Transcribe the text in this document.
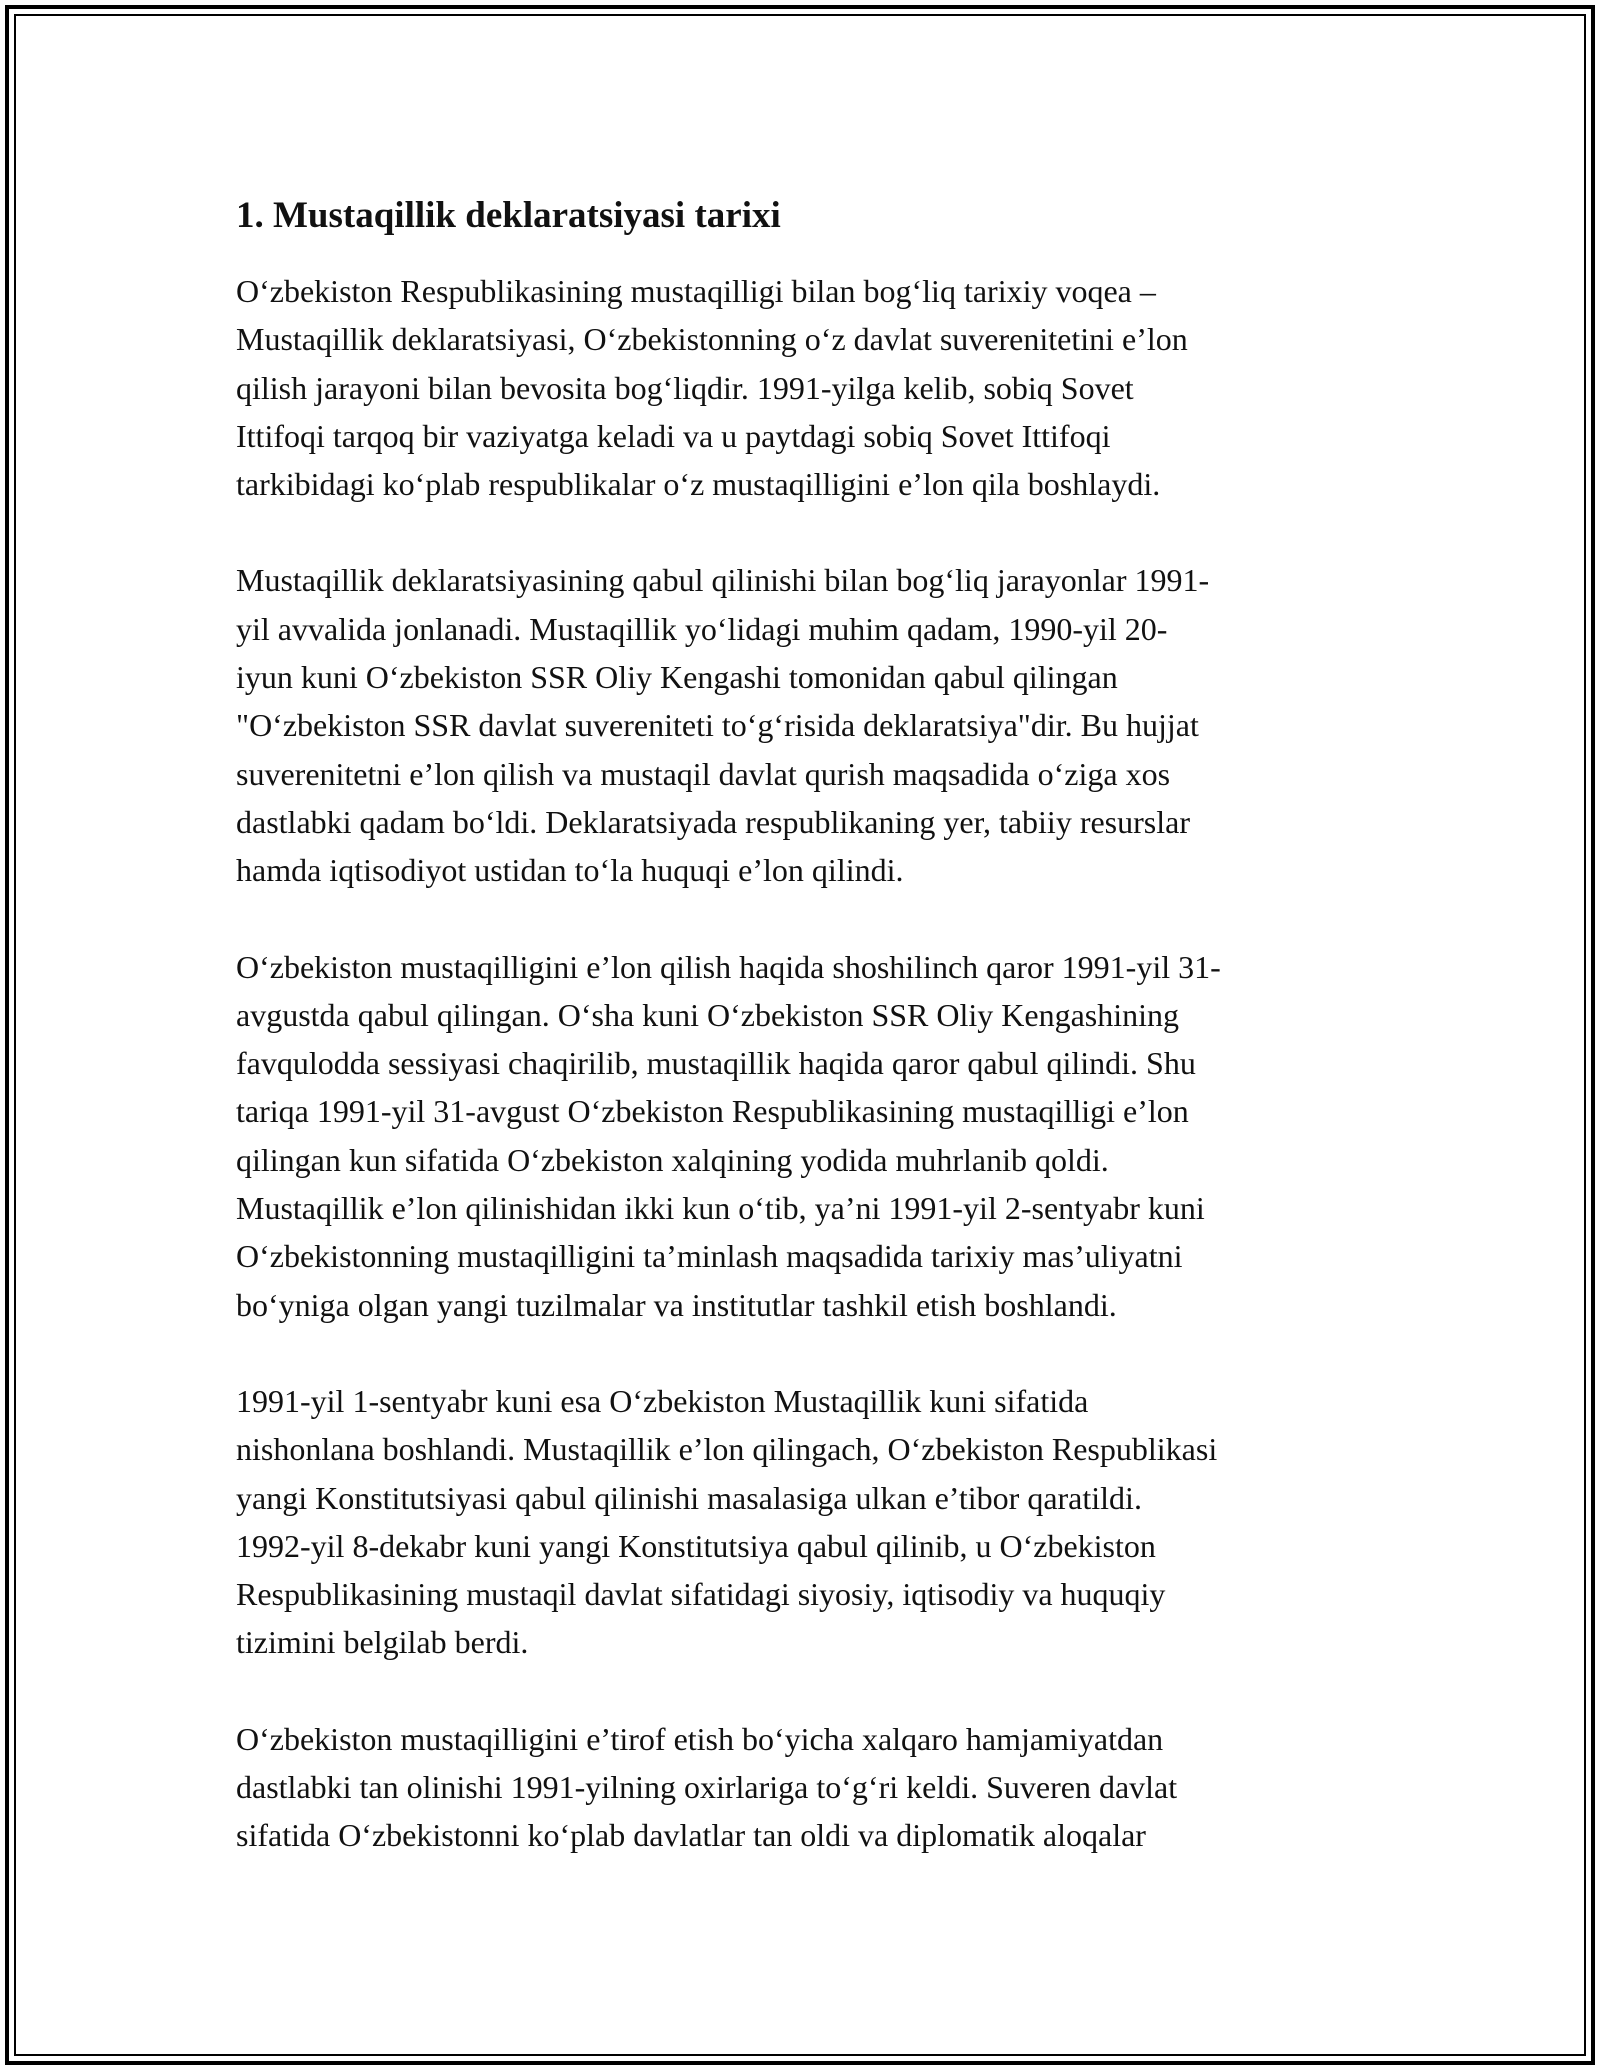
1. Mustaqillik deklaratsiyasi tarixi

Oʻzbekiston Respublikasining mustaqilligi bilan bogʻliq tarixiy voqea –
Mustaqillik deklaratsiyasi, Oʻzbekistonning oʻz davlat suverenitetini e’lon
qilish jarayoni bilan bevosita bogʻliqdir. 1991-yilga kelib, sobiq Sovet
Ittifoqi tarqoq bir vaziyatga keladi va u paytdagi sobiq Sovet Ittifoqi
tarkibidagi koʻplab respublikalar oʻz mustaqilligini e’lon qila boshlaydi.

Mustaqillik deklaratsiyasining qabul qilinishi bilan bogʻliq jarayonlar 1991-
yil avvalida jonlanadi. Mustaqillik yoʻlidagi muhim qadam, 1990-yil 20-
iyun kuni Oʻzbekiston SSR Oliy Kengashi tomonidan qabul qilingan
"Oʻzbekiston SSR davlat suvereniteti toʻgʻrisida deklaratsiya"dir. Bu hujjat
suverenitetni e’lon qilish va mustaqil davlat qurish maqsadida oʻziga xos
dastlabki qadam boʻldi. Deklaratsiyada respublikaning yer, tabiiy resurslar
hamda iqtisodiyot ustidan toʻla huquqi e’lon qilindi.

Oʻzbekiston mustaqilligini e’lon qilish haqida shoshilinch qaror 1991-yil 31-
avgustda qabul qilingan. Oʻsha kuni Oʻzbekiston SSR Oliy Kengashining
favqulodda sessiyasi chaqirilib, mustaqillik haqida qaror qabul qilindi. Shu
tariqa 1991-yil 31-avgust Oʻzbekiston Respublikasining mustaqilligi e’lon
qilingan kun sifatida Oʻzbekiston xalqining yodida muhrlanib qoldi.
Mustaqillik e’lon qilinishidan ikki kun oʻtib, ya’ni 1991-yil 2-sentyabr kuni
Oʻzbekistonning mustaqilligini ta’minlash maqsadida tarixiy mas’uliyatni
boʻyniga olgan yangi tuzilmalar va institutlar tashkil etish boshlandi.

1991-yil 1-sentyabr kuni esa Oʻzbekiston Mustaqillik kuni sifatida
nishonlana boshlandi. Mustaqillik e’lon qilingach, Oʻzbekiston Respublikasi
yangi Konstitutsiyasi qabul qilinishi masalasiga ulkan e’tibor qaratildi.
1992-yil 8-dekabr kuni yangi Konstitutsiya qabul qilinib, u Oʻzbekiston
Respublikasining mustaqil davlat sifatidagi siyosiy, iqtisodiy va huquqiy
tizimini belgilab berdi.

Oʻzbekiston mustaqilligini e’tirof etish boʻyicha xalqaro hamjamiyatdan
dastlabki tan olinishi 1991-yilning oxirlariga toʻgʻri keldi. Suveren davlat
sifatida Oʻzbekistonni koʻplab davlatlar tan oldi va diplomatik aloqalar
